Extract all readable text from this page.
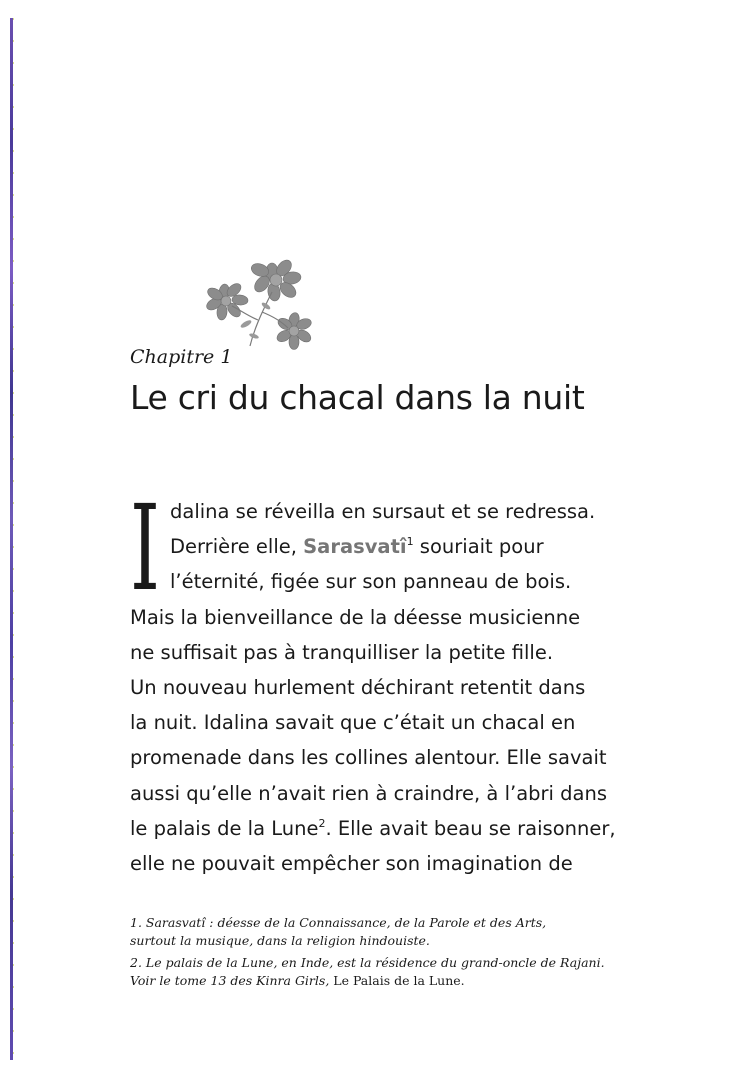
Chapitre 1
Le cri du chacal dans la nuit
I dalina se réveilla en sursaut et se redressa.
Derrière elle, Sarasvatî$^1$ souriait pour
l’éternité, figée sur son panneau de bois.
Mais la bienveillance de la déesse musicienne
ne suffisait pas à tranquilliser la petite fille.
Un nouveau hurlement déchirant retentit dans
la nuit. Idalina savait que c’était un chacal en
promenade dans les collines alentour. Elle savait
aussi qu’elle n’avait rien à craindre, à l’abri dans
le palais de la Lune$^2$. Elle avait beau se raisonner,
elle ne pouvait empêcher son imagination de
1. Sarasvatî : déesse de la Connaissance, de la Parole et des Arts,
surtout la musique, dans la religion hindouiste.
2. Le palais de la Lune, en Inde, est la résidence du grand-oncle de Rajani.
Voir le tome 13 des Kinra Girls, Le Palais de la Lune.
